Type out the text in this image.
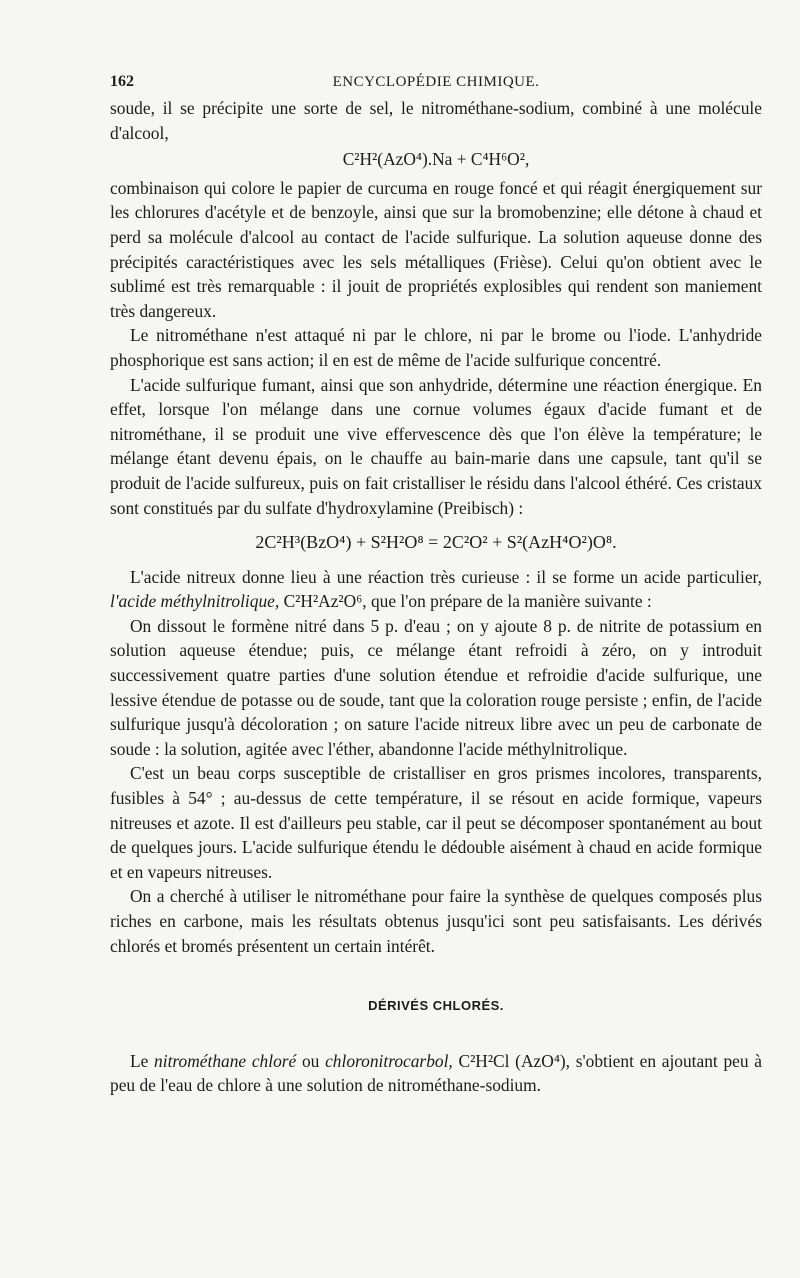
162	ENCYCLOPÉDIE CHIMIQUE.

soude, il se précipite une sorte de sel, le nitrométhane-sodium, combiné à une molécule d'alcool,

C²H²(AzO⁴).Na + C⁴H⁶O²,

combinaison qui colore le papier de curcuma en rouge foncé et qui réagit énergiquement sur les chlorures d'acétyle et de benzoyle, ainsi que sur la bromobenzine; elle détone à chaud et perd sa molécule d'alcool au contact de l'acide sulfurique. La solution aqueuse donne des précipités caractéristiques avec les sels métalliques (Frièse). Celui qu'on obtient avec le sublimé est très remarquable : il jouit de propriétés explosibles qui rendent son maniement très dangereux.

Le nitrométhane n'est attaqué ni par le chlore, ni par le brome ou l'iode. L'anhydride phosphorique est sans action; il en est de même de l'acide sulfurique concentré.

L'acide sulfurique fumant, ainsi que son anhydride, détermine une réaction énergique. En effet, lorsque l'on mélange dans une cornue volumes égaux d'acide fumant et de nitrométhane, il se produit une vive effervescence dès que l'on élève la température; le mélange étant devenu épais, on le chauffe au bain-marie dans une capsule, tant qu'il se produit de l'acide sulfureux, puis on fait cristalliser le résidu dans l'alcool éthéré. Ces cristaux sont constitués par du sulfate d'hydroxylamine (Preibisch) :

2C²H³(BzO⁴) + S²H²O⁸ = 2C²O² + S²(AzH⁴O²)O⁸.

L'acide nitreux donne lieu à une réaction très curieuse : il se forme un acide particulier, l'acide méthylnitrolique, C²H²Az²O⁶, que l'on prépare de la manière suivante :

On dissout le formène nitré dans 5 p. d'eau ; on y ajoute 8 p. de nitrite de potassium en solution aqueuse étendue; puis, ce mélange étant refroidi à zéro, on y introduit successivement quatre parties d'une solution étendue et refroidie d'acide sulfurique, une lessive étendue de potasse ou de soude, tant que la coloration rouge persiste ; enfin, de l'acide sulfurique jusqu'à décoloration ; on sature l'acide nitreux libre avec un peu de carbonate de soude : la solution, agitée avec l'éther, abandonne l'acide méthylnitrolique.

C'est un beau corps susceptible de cristalliser en gros prismes incolores, transparents, fusibles à 54° ; au-dessus de cette température, il se résout en acide formique, vapeurs nitreuses et azote. Il est d'ailleurs peu stable, car il peut se décomposer spontanément au bout de quelques jours. L'acide sulfurique étendu le dédouble aisément à chaud en acide formique et en vapeurs nitreuses.

On a cherché à utiliser le nitrométhane pour faire la synthèse de quelques composés plus riches en carbone, mais les résultats obtenus jusqu'ici sont peu satisfaisants. Les dérivés chlorés et bromés présentent un certain intérêt.

DÉRIVÉS CHLORÉS.

Le nitrométhane chloré ou chloronitrocarbol, C²H²Cl (AzO⁴), s'obtient en ajoutant peu à peu de l'eau de chlore à une solution de nitrométhane-sodium.
